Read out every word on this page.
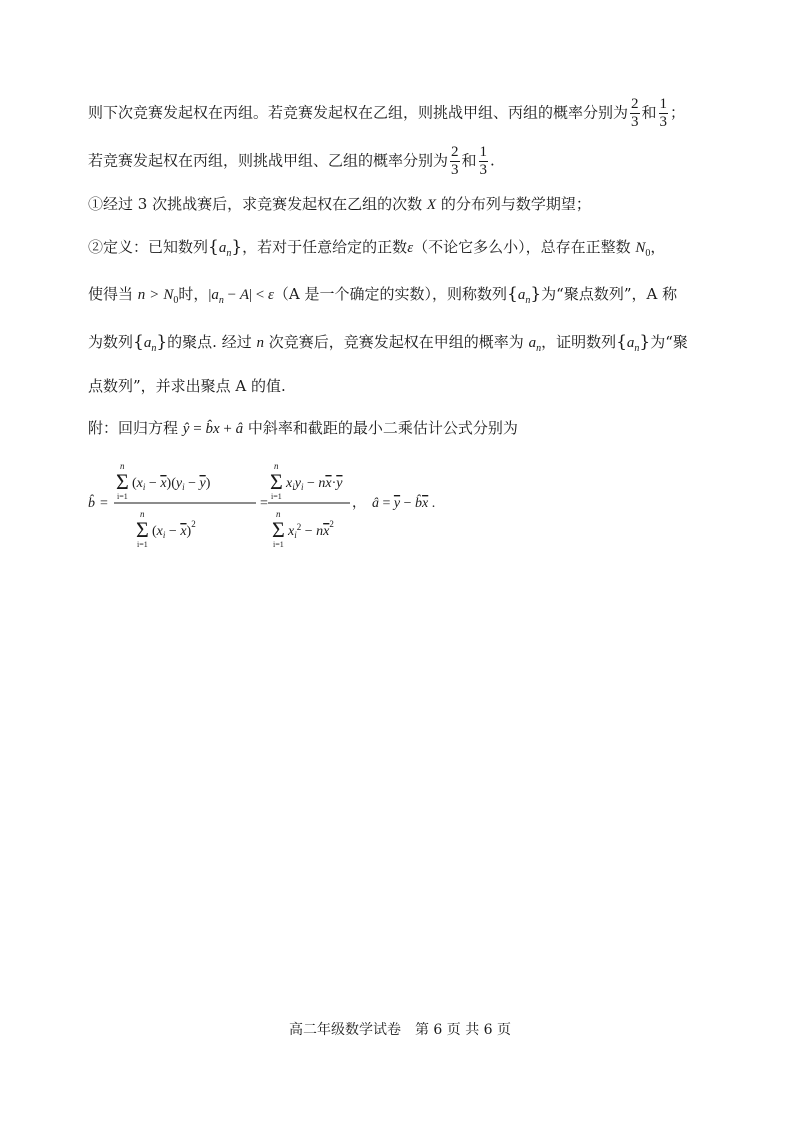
则下次竞赛发起权在丙组。若竞赛发起权在乙组，则挑战甲组、丙组的概率分别为 $\frac{2}{3}$ 和 $\frac{1}{3}$ ；
若竞赛发起权在丙组，则挑战甲组、乙组的概率分别为 $\frac{2}{3}$ 和 $\frac{1}{3}$ .
①经过 3 次挑战赛后，求竞赛发起权在乙组的次数 X 的分布列与数学期望；
②定义：已知数列$\{a_n\}$，若对于任意给定的正数ε（不论它多么小），总存在正整数 $N_0$，
使得当 $n > N_0$时，$|a_n - A| < \varepsilon(A$ 是一个确定的实数），则称数列$\{a_n\}$为“聚点数列”，A 称
为数列$\{a_n\}$的聚点. 经过 n 次竞赛后，竞赛发起权在甲组的概率为 $a_n$，证明数列$\{a_n\}$为“聚
点数列”，并求出聚点 A 的值.
附：回归方程 ŷ = b̂x + â 中斜率和截距的最小二乘估计公式分别为
b̂ =
n
Σ
i=1
$(x_i - x)(y_i - y)$
n
Σ
i=1
$(x_i - x)^2$
=
n
Σ
i=1
$x_iy_i - nx\cdot y$
n
Σ
i=1
$x_i^2 - nx^2$
， â = y − b̂x .
高二年级数学试卷　第 6 页 共 6 页
